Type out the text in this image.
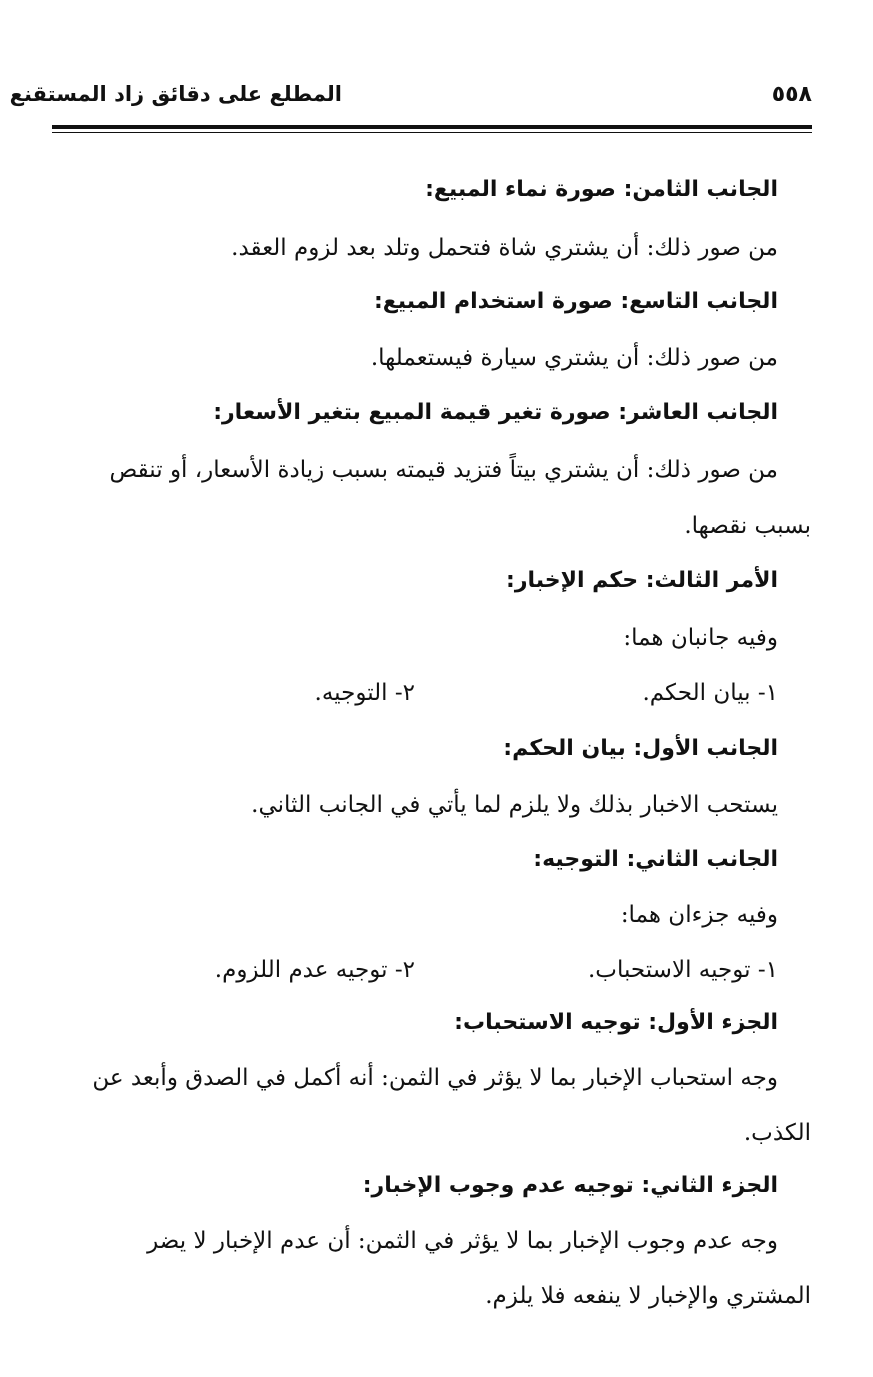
٥٥٨
المطلع على دقائق زاد المستقنع
الجانب الثامن: صورة نماء المبيع:
من صور ذلك: أن يشتري شاة فتحمل وتلد بعد لزوم العقد.
الجانب التاسع: صورة استخدام المبيع:
من صور ذلك: أن يشتري سيارة فيستعملها.
الجانب العاشر: صورة تغير قيمة المبيع بتغير الأسعار:
من صور ذلك: أن يشتري بيتاً فتزيد قيمته بسبب زيادة الأسعار، أو تنقص
بسبب نقصها.
الأمر الثالث: حكم الإخبار:
وفيه جانبان هما:
١- بيان الحكم.
٢- التوجيه.
الجانب الأول: بيان الحكم:
يستحب الاخبار بذلك ولا يلزم لما يأتي في الجانب الثاني.
الجانب الثاني: التوجيه:
وفيه جزءان هما:
١- توجيه الاستحباب.
٢- توجيه عدم اللزوم.
الجزء الأول: توجيه الاستحباب:
وجه استحباب الإخبار بما لا يؤثر في الثمن: أنه أكمل في الصدق وأبعد عن
الكذب.
الجزء الثاني: توجيه عدم وجوب الإخبار:
وجه عدم وجوب الإخبار بما لا يؤثر في الثمن: أن عدم الإخبار لا يضر
المشتري والإخبار لا ينفعه فلا يلزم.
